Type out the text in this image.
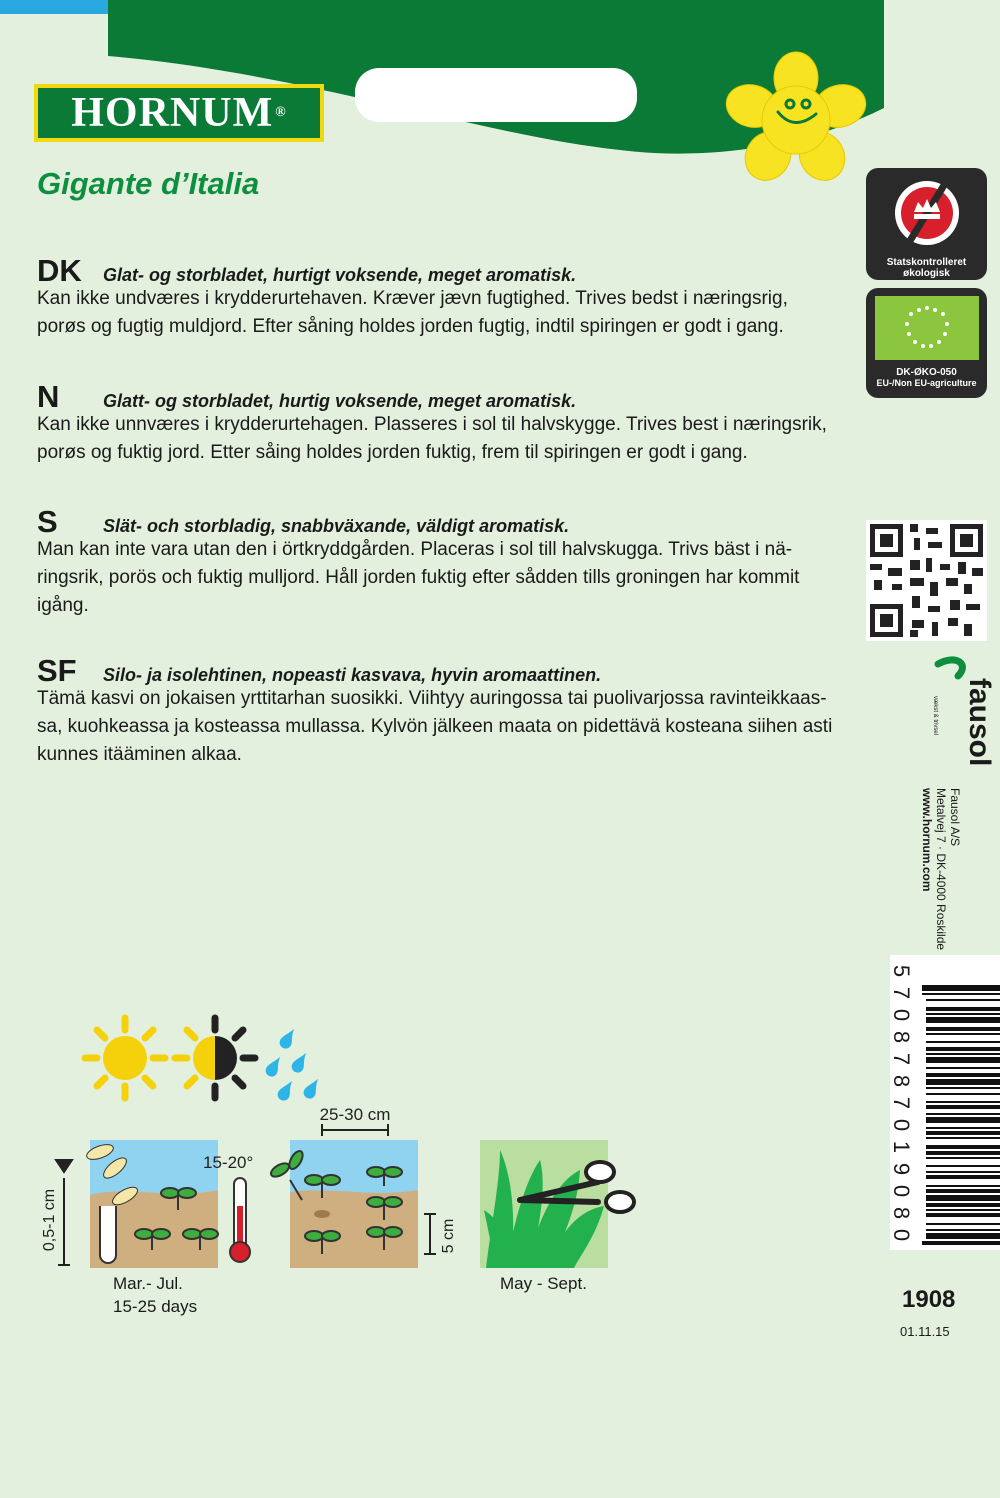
HORNUM ®
Gigante d’Italia
DK	Glat- og storbladet, hurtigt voksende, meget aromatisk.
Kan ikke undværes i krydderurtehaven. Kræver jævn fugtighed. Trives bedst i næringsrig,
porøs og fugtig muldjord. Efter såning holdes jorden fugtig, indtil spiringen er godt i gang.
N	Glatt- og storbladet, hurtig voksende, meget aromatisk.
Kan ikke unnværes i krydderurtehagen. Plasseres i sol til halvskygge. Trives best i næringsrik,
porøs og fuktig jord. Etter såing holdes jorden fuktig, frem til spiringen er godt i gang.
S	Slät- och storbladig, snabbväxande, väldigt aromatisk.
Man kan inte vara utan den i örtkryddgården. Placeras i sol till halvskugga. Trivs bäst i nä-
ringsrik, porös och fuktig mulljord. Håll jorden fuktig efter sådden tills groningen har kommit
igång.
SF	Silo- ja isolehtinen, nopeasti kasvava, hyvin aromaattinen.
Tämä kasvi on jokaisen yrttitarhan suosikki. Viihtyy auringossa tai puolivarjossa ravinteikkaas-
sa, kuohkeassa ja kosteassa mullassa. Kylvön jälkeen maata on pidettävä kosteana siihen asti
kunnes itääminen alkaa.
Statskontrolleret
økologisk
DK-ØKO-050
EU-/Non EU-agriculture
fausol
vækst & trivsel
Fausol A/S
Metalvej 7 · DK-4000 Roskilde
www.hornum.com
5
7
0
8
7
8
7
0
1
9
0
8
0
1908
01.11.15
0,5-1 cm
15-20°
25-30 cm
5 cm
Mar.- Jul.
15-25 days
May - Sept.
